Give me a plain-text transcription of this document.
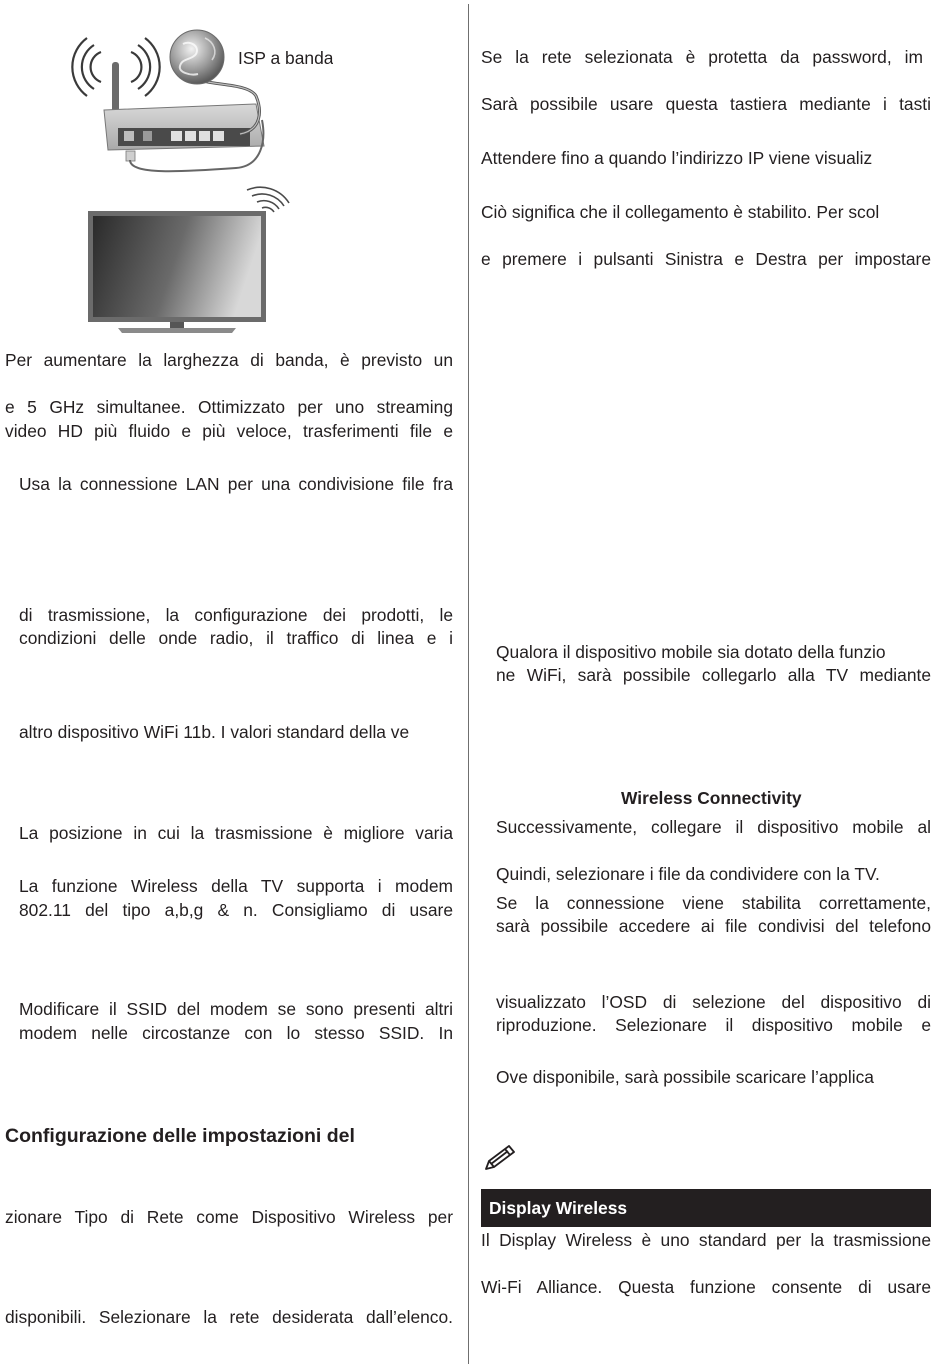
ISP a banda
Per aumentare la larghezza di banda, è previsto un
e 5 GHz simultanee. Ottimizzato per uno streaming
video HD più fluido e più veloce, trasferimenti file e
Usa la connessione LAN per una condivisione file fra
di trasmissione, la configurazione dei prodotti, le
condizioni delle onde radio, il traffico di linea e i
altro dispositivo WiFi 11b. I valori standard della ve
La posizione in cui la trasmissione è migliore varia
La funzione Wireless della TV supporta i modem
802.11 del tipo a,b,g & n. Consigliamo di usare
Modificare il SSID del modem se sono presenti altri
modem nelle circostanze con lo stesso SSID. In
Configurazione delle impostazioni del
zionare Tipo di Rete come Dispositivo Wireless per
disponibili. Selezionare la rete desiderata dall’elenco.
Se la rete selezionata è protetta da password, im
Sarà possibile usare questa tastiera mediante i tasti
Attendere fino a quando l’indirizzo IP viene visualiz
Ciò significa che il collegamento è stabilito. Per scol
e premere i pulsanti Sinistra e Destra per impostare
Qualora il dispositivo mobile sia dotato della funzio
ne WiFi, sarà possibile collegarlo alla TV mediante
Wireless Connectivity
Successivamente, collegare il dispositivo mobile al
Quindi, selezionare i file da condividere con la TV.
Se la connessione viene stabilita correttamente,
sarà possibile accedere ai file condivisi del telefono
visualizzato l’OSD di selezione del dispositivo di
riproduzione. Selezionare il dispositivo mobile e
Ove disponibile, sarà possibile scaricare l’applica
Display Wireless
Il Display Wireless è uno standard per la trasmissione
Wi-Fi Alliance. Questa funzione consente di usare
